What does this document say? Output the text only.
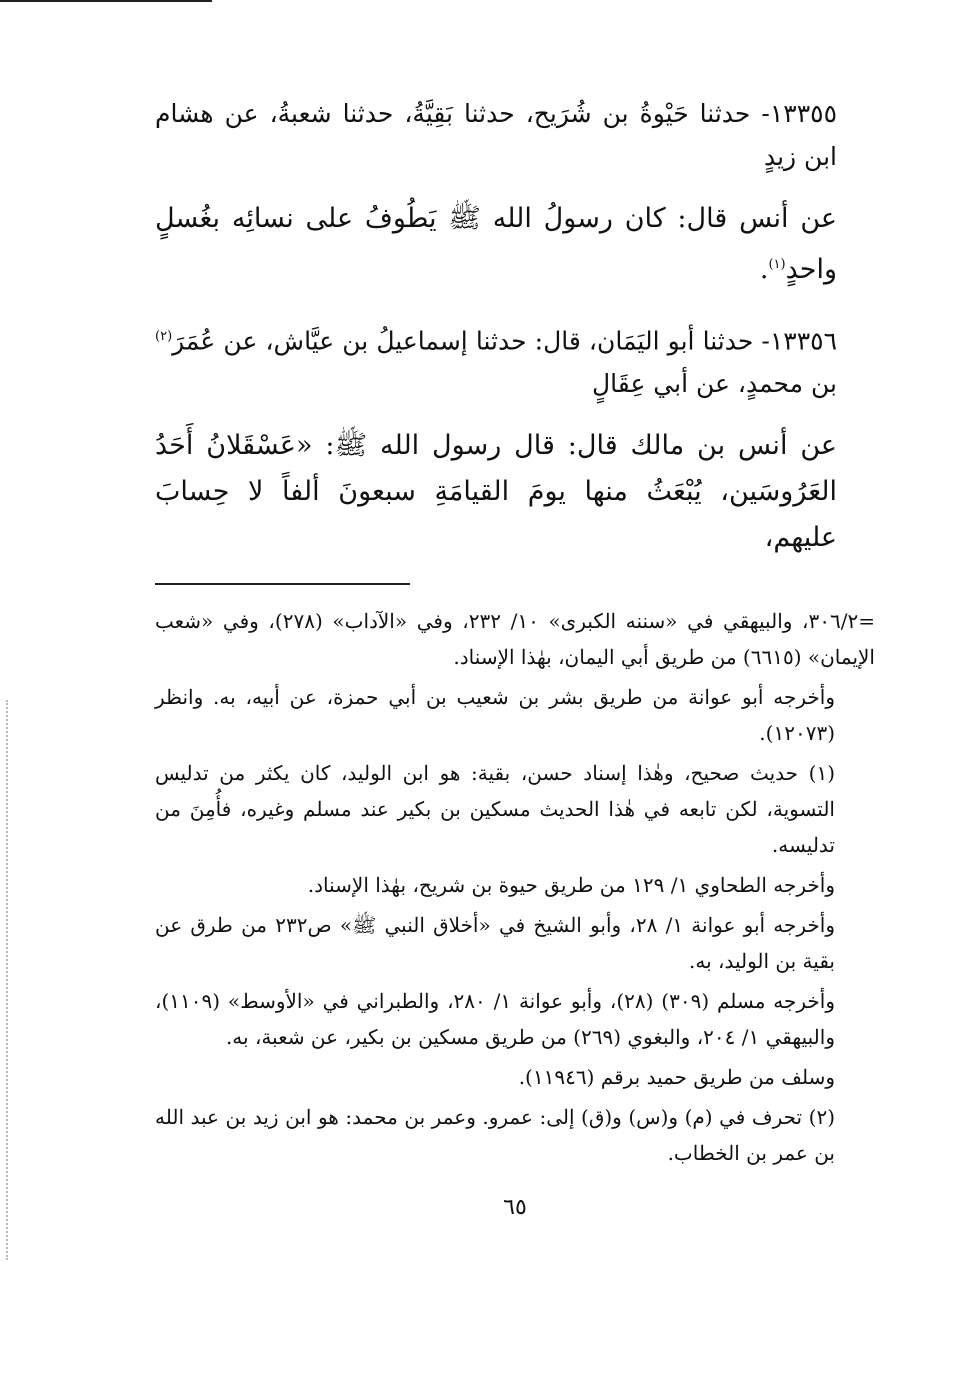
١٣٣٥٥- حدثنا حَيْوةُ بن شُرَيح، حدثنا بَقِيَّةُ، حدثنا شعبةُ، عن هشام ابن زيدٍ

عن أنس قال: كان رسولُ الله ﷺ يَطُوفُ على نسائِه بغُسلٍ واحدٍ$^{(١)}$.

١٣٣٥٦- حدثنا أبو اليَمَان، قال: حدثنا إسماعيلُ بن عيَّاش، عن عُمَرَ$^{(٢)}$ بن محمدٍ، عن أبي عِقَالٍ

عن أنس بن مالك قال: قال رسول الله ﷺ: «عَسْقَلانُ أَحَدُ العَرُوسَين، يُبْعَثُ منها يومَ القيامَةِ سبعونَ ألفاً لا حِسابَ عليهم،

=٣٠٦/٢، والبيهقي في «سننه الكبرى» ١٠/ ٢٣٢، وفي «الآداب» (٢٧٨)، وفي «شعب الإيمان» (٦٦١٥) من طريق أبي اليمان، بهٰذا الإسناد.

وأخرجه أبو عوانة من طريق بشر بن شعيب بن أبي حمزة، عن أبيه، به. وانظر (١٢٠٧٣).

(١) حديث صحيح، وهٰذا إسناد حسن، بقية: هو ابن الوليد، كان يكثر من تدليس التسوية، لكن تابعه في هٰذا الحديث مسكين بن بكير عند مسلم وغيره، فأُمِنَ من تدليسه.

وأخرجه الطحاوي ١/ ١٢٩ من طريق حيوة بن شريح، بهٰذا الإسناد.

وأخرجه أبو عوانة ١/ ٢٨، وأبو الشيخ في «أخلاق النبي ﷺ» ص٢٣٢ من طرق عن بقية بن الوليد، به.

وأخرجه مسلم (٣٠٩) (٢٨)، وأبو عوانة ١/ ٢٨٠، والطبراني في «الأوسط» (١١٠٩)، والبيهقي ١/ ٢٠٤، والبغوي (٢٦٩) من طريق مسكين بن بكير، عن شعبة، به.

وسلف من طريق حميد برقم (١١٩٤٦).

(٢) تحرف في (م) و(س) و(ق) إلى: عمرو. وعمر بن محمد: هو ابن زيد بن عبد الله بن عمر بن الخطاب.

٦٥
